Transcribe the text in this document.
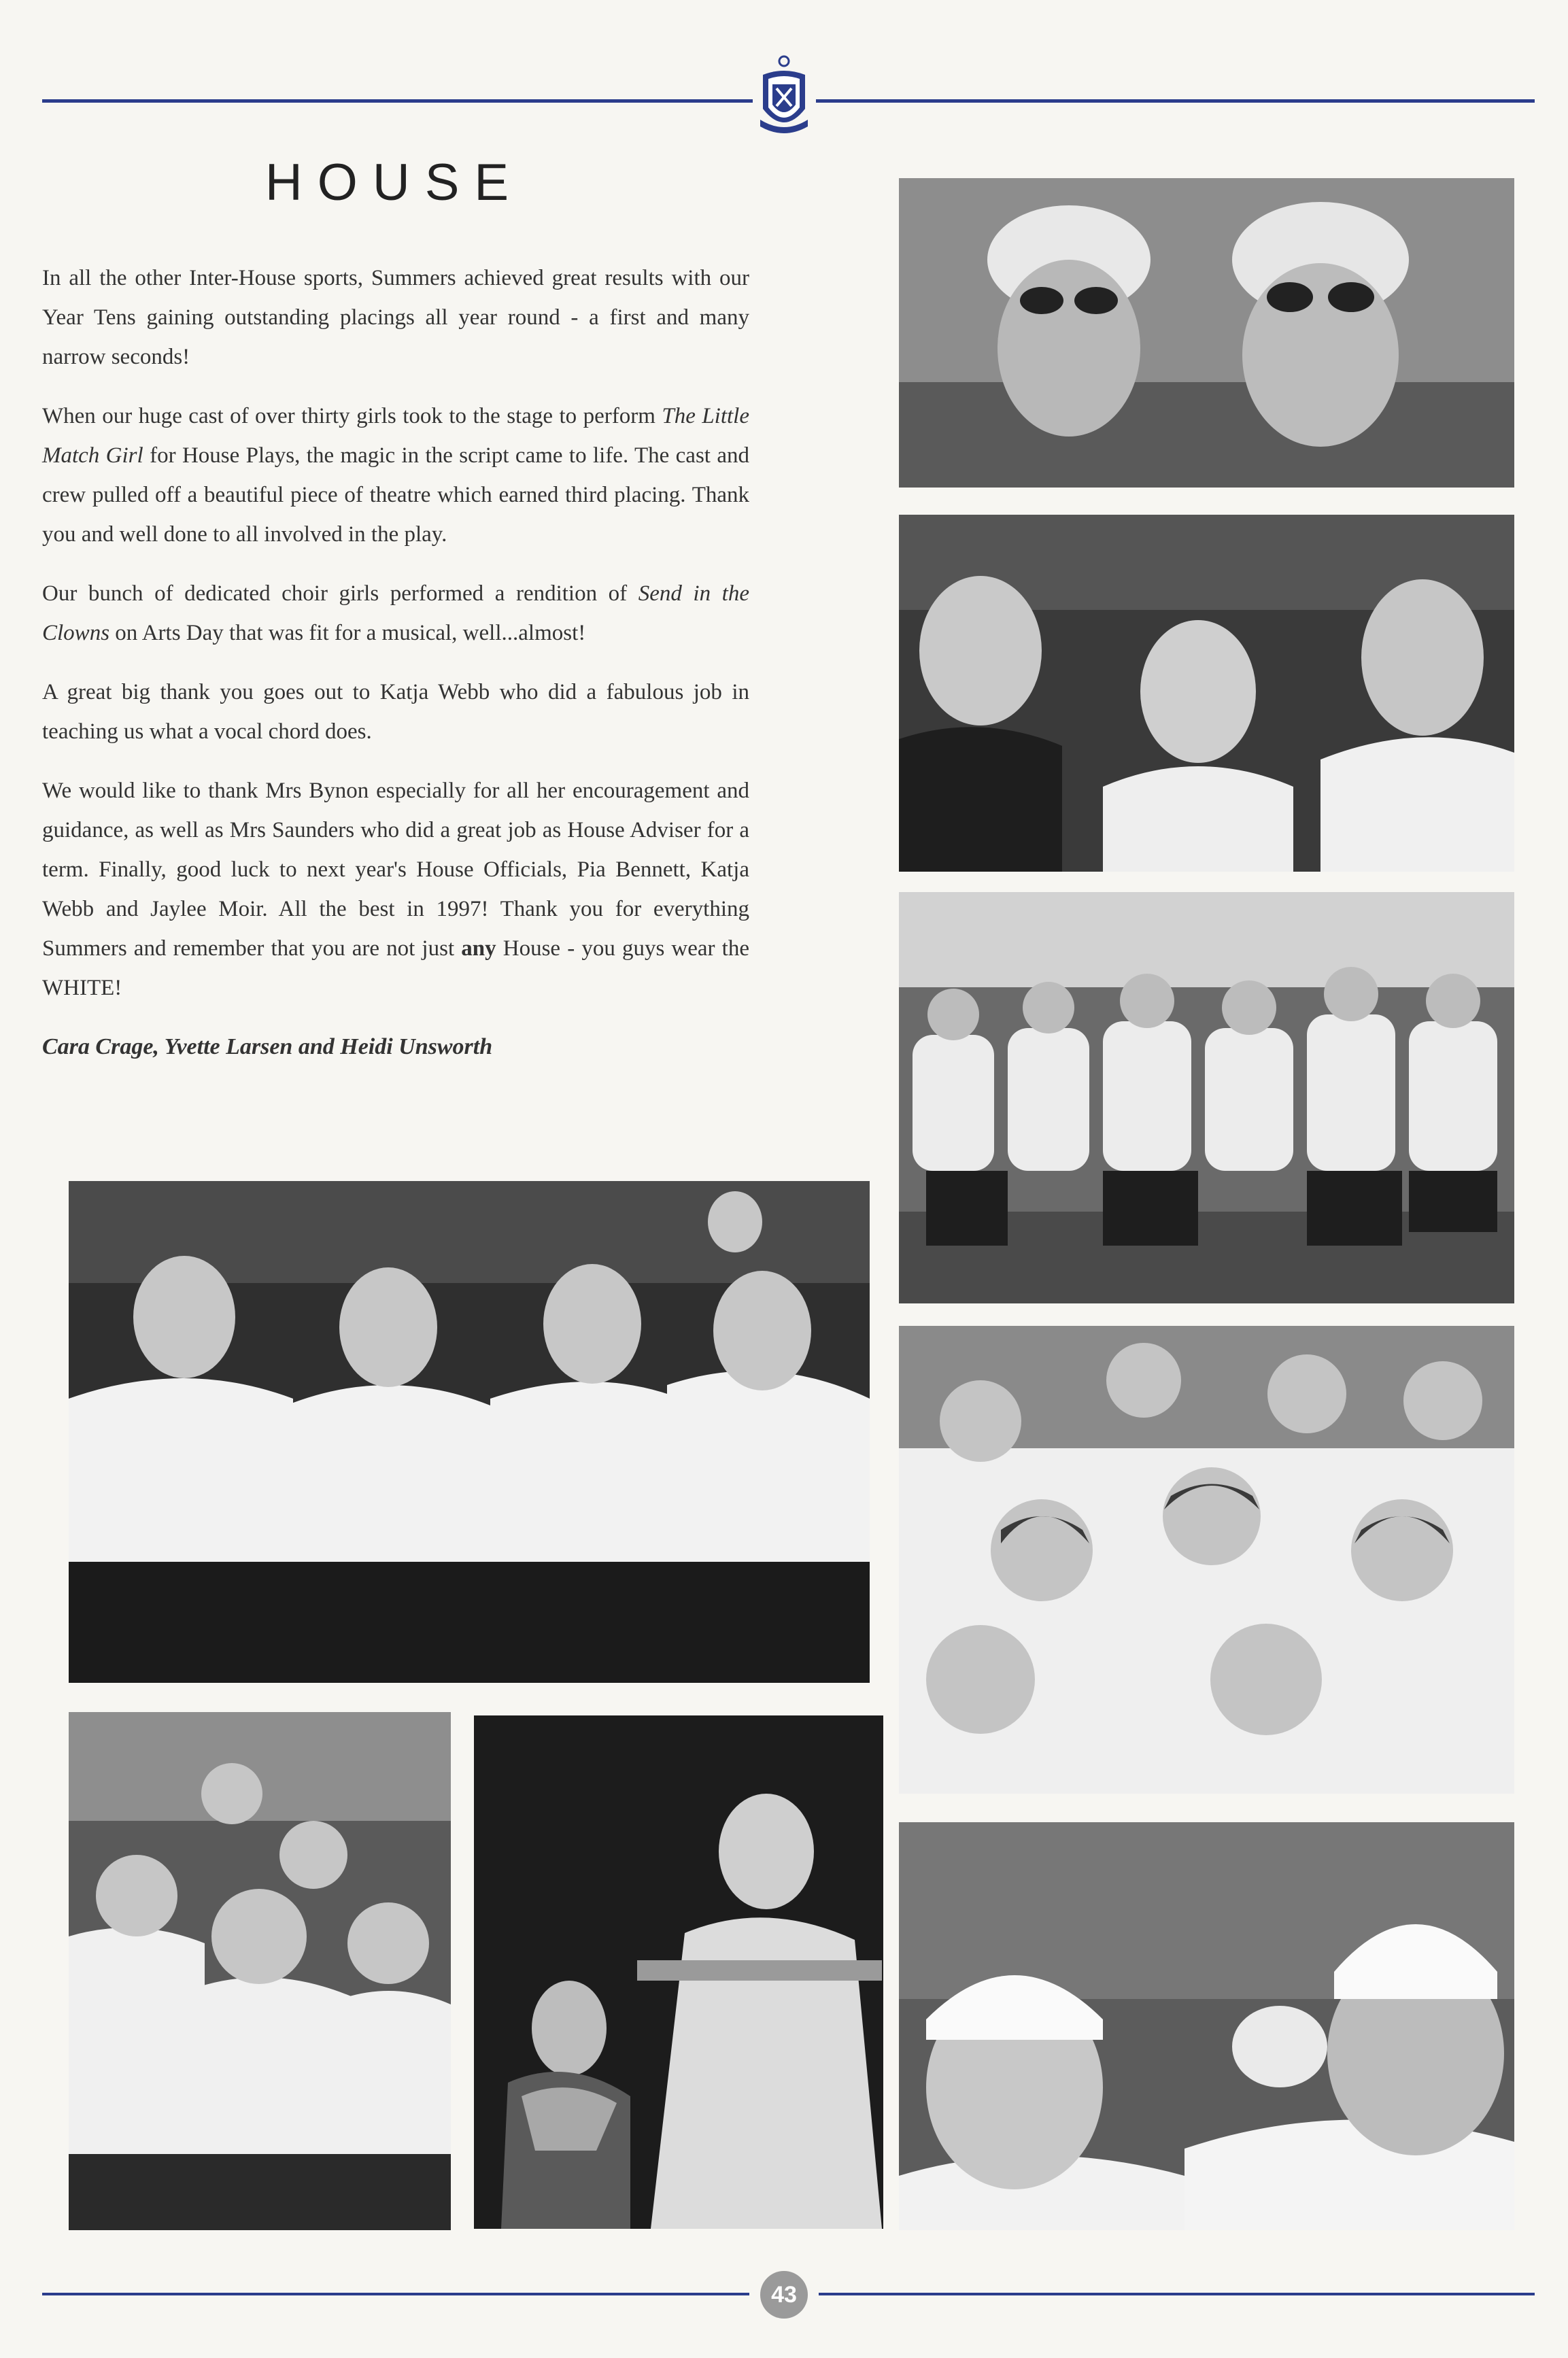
HOUSE

In all the other Inter-House sports, Summers achieved great results with our Year Tens gaining outstanding placings all year round - a first and many narrow seconds!

When our huge cast of over thirty girls took to the stage to perform The Little Match Girl for House Plays, the magic in the script came to life. The cast and crew pulled off a beautiful piece of theatre which earned third placing. Thank you and well done to all involved in the play.

Our bunch of dedicated choir girls performed a rendition of Send in the Clowns on Arts Day that was fit for a musical, well...almost!

A great big thank you goes out to Katja Webb who did a fabulous job in teaching us what a vocal chord does.

We would like to thank Mrs Bynon especially for all her encouragement and guidance, as well as Mrs Saunders who did a great job as House Adviser for a term. Finally, good luck to next year's House Officials, Pia Bennett, Katja Webb and Jaylee Moir. All the best in 1997! Thank you for everything Summers and remember that you are not just any House - you guys wear the WHITE!

Cara Crage, Yvette Larsen and Heidi Unsworth
43
